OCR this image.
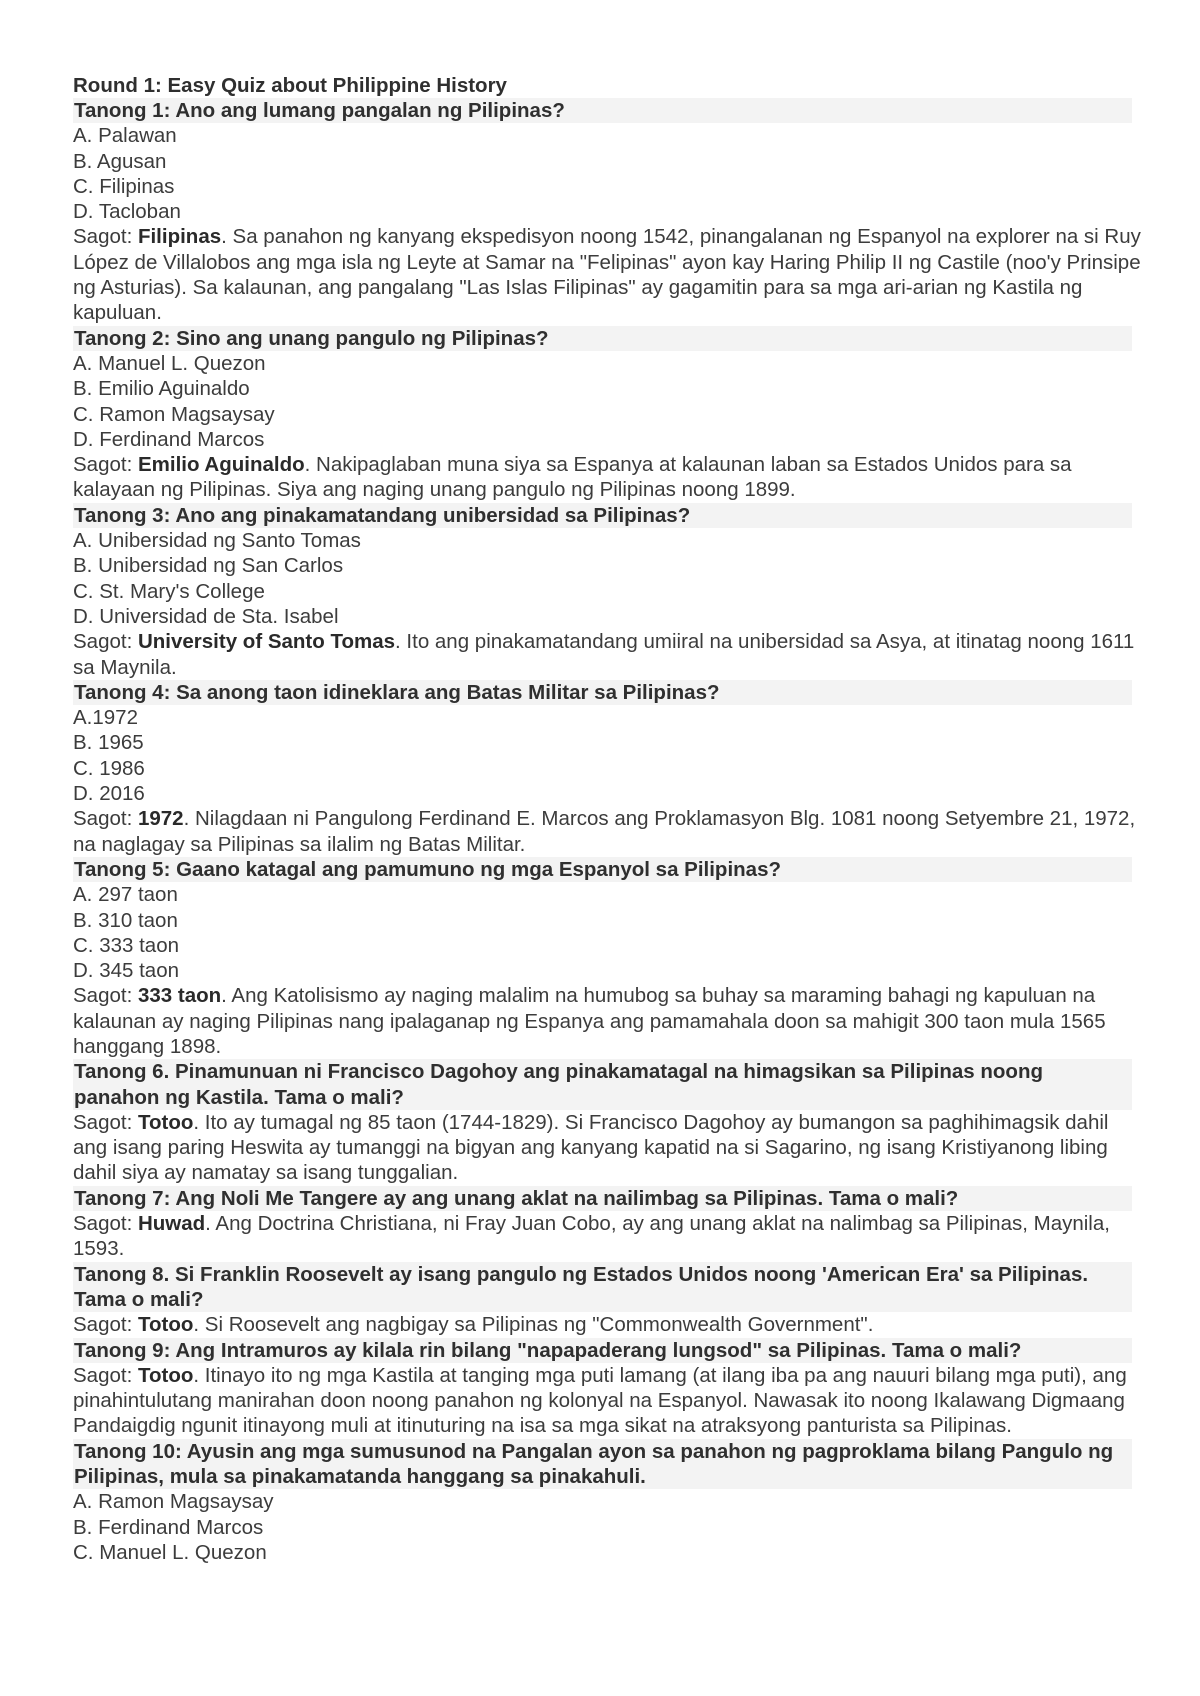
Round 1: Easy Quiz about Philippine History
Tanong 1: Ano ang lumang pangalan ng Pilipinas?
A. Palawan
B. Agusan
C. Filipinas
D. Tacloban
Sagot: Filipinas. Sa panahon ng kanyang ekspedisyon noong 1542, pinangalanan ng Espanyol na explorer na si Ruy López de Villalobos ang mga isla ng Leyte at Samar na "Felipinas" ayon kay Haring Philip II ng Castile (noo'y Prinsipe ng Asturias). Sa kalaunan, ang pangalang "Las Islas Filipinas" ay gagamitin para sa mga ari-arian ng Kastila ng kapuluan.
Tanong 2: Sino ang unang pangulo ng Pilipinas?
A. Manuel L. Quezon
B. Emilio Aguinaldo
C. Ramon Magsaysay
D. Ferdinand Marcos
Sagot: Emilio Aguinaldo. Nakipaglaban muna siya sa Espanya at kalaunan laban sa Estados Unidos para sa kalayaan ng Pilipinas. Siya ang naging unang pangulo ng Pilipinas noong 1899.
Tanong 3: Ano ang pinakamatandang unibersidad sa Pilipinas?
A. Unibersidad ng Santo Tomas
B. Unibersidad ng San Carlos
C. St. Mary's College
D. Universidad de Sta. Isabel
Sagot: University of Santo Tomas. Ito ang pinakamatandang umiiral na unibersidad sa Asya, at itinatag noong 1611 sa Maynila.
Tanong 4: Sa anong taon idineklara ang Batas Militar sa Pilipinas?
A.1972
B. 1965
C. 1986
D. 2016
Sagot: 1972. Nilagdaan ni Pangulong Ferdinand E. Marcos ang Proklamasyon Blg. 1081 noong Setyembre 21, 1972, na naglagay sa Pilipinas sa ilalim ng Batas Militar.
Tanong 5: Gaano katagal ang pamumuno ng mga Espanyol sa Pilipinas?
A. 297 taon
B. 310 taon
C. 333 taon
D. 345 taon
Sagot: 333 taon. Ang Katolisismo ay naging malalim na humubog sa buhay sa maraming bahagi ng kapuluan na kalaunan ay naging Pilipinas nang ipalaganap ng Espanya ang pamamahala doon sa mahigit 300 taon mula 1565 hanggang 1898.
Tanong 6. Pinamunuan ni Francisco Dagohoy ang pinakamatagal na himagsikan sa Pilipinas noong panahon ng Kastila. Tama o mali?
Sagot: Totoo. Ito ay tumagal ng 85 taon (1744-1829). Si Francisco Dagohoy ay bumangon sa paghihimagsik dahil ang isang paring Heswita ay tumanggi na bigyan ang kanyang kapatid na si Sagarino, ng isang Kristiyanong libing dahil siya ay namatay sa isang tunggalian.
Tanong 7: Ang Noli Me Tangere ay ang unang aklat na nailimbag sa Pilipinas. Tama o mali?
Sagot: Huwad. Ang Doctrina Christiana, ni Fray Juan Cobo, ay ang unang aklat na nalimbag sa Pilipinas, Maynila, 1593.
Tanong 8. Si Franklin Roosevelt ay isang pangulo ng Estados Unidos noong 'American Era' sa Pilipinas. Tama o mali?
Sagot: Totoo. Si Roosevelt ang nagbigay sa Pilipinas ng "Commonwealth Government".
Tanong 9: Ang Intramuros ay kilala rin bilang "napapaderang lungsod" sa Pilipinas. Tama o mali?
Sagot: Totoo. Itinayo ito ng mga Kastila at tanging mga puti lamang (at ilang iba pa ang nauuri bilang mga puti), ang pinahintulutang manirahan doon noong panahon ng kolonyal na Espanyol. Nawasak ito noong Ikalawang Digmaang Pandaigdig ngunit itinayong muli at itinuturing na isa sa mga sikat na atraksyong panturista sa Pilipinas.
Tanong 10: Ayusin ang mga sumusunod na Pangalan ayon sa panahon ng pagproklama bilang Pangulo ng Pilipinas, mula sa pinakamatanda hanggang sa pinakahuli.
A. Ramon Magsaysay
B. Ferdinand Marcos
C. Manuel L. Quezon
